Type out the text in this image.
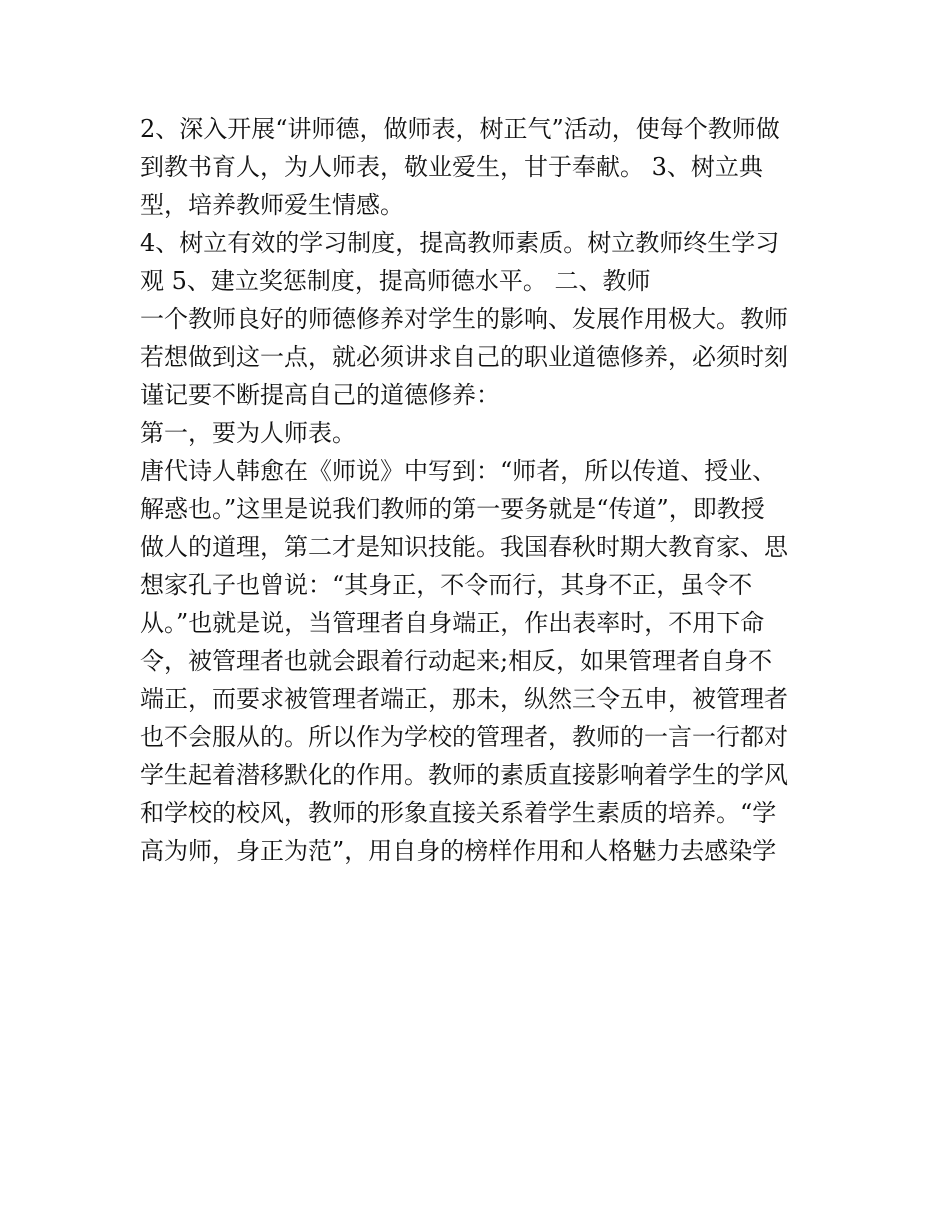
2、深入开展“讲师德，做师表，树正气”活动，使每个教师做
到教书育人，为人师表，敬业爱生，甘于奉献。 3、树立典
型，培养教师爱生情感。
4、树立有效的学习制度，提高教师素质。树立教师终生学习
观 5、建立奖惩制度，提高师德水平。 二、教师
一个教师良好的师德修养对学生的影响、发展作用极大。教师
若想做到这一点，就必须讲求自己的职业道德修养，必须时刻
谨记要不断提高自己的道德修养：
第一，要为人师表。
唐代诗人韩愈在《师说》中写到：“师者，所以传道、授业、
解惑也。”这里是说我们教师的第一要务就是“传道”，即教授
做人的道理，第二才是知识技能。我国春秋时期大教育家、思
想家孔子也曾说：“其身正，不令而行，其身不正，虽令不
从。”也就是说，当管理者自身端正，作出表率时，不用下命
令，被管理者也就会跟着行动起来;相反，如果管理者自身不
端正，而要求被管理者端正，那未，纵然三令五申，被管理者
也不会服从的。所以作为学校的管理者，教师的一言一行都对
学生起着潜移默化的作用。教师的素质直接影响着学生的学风
和学校的校风，教师的形象直接关系着学生素质的培养。“学
高为师，身正为范”，用自身的榜样作用和人格魅力去感染学
